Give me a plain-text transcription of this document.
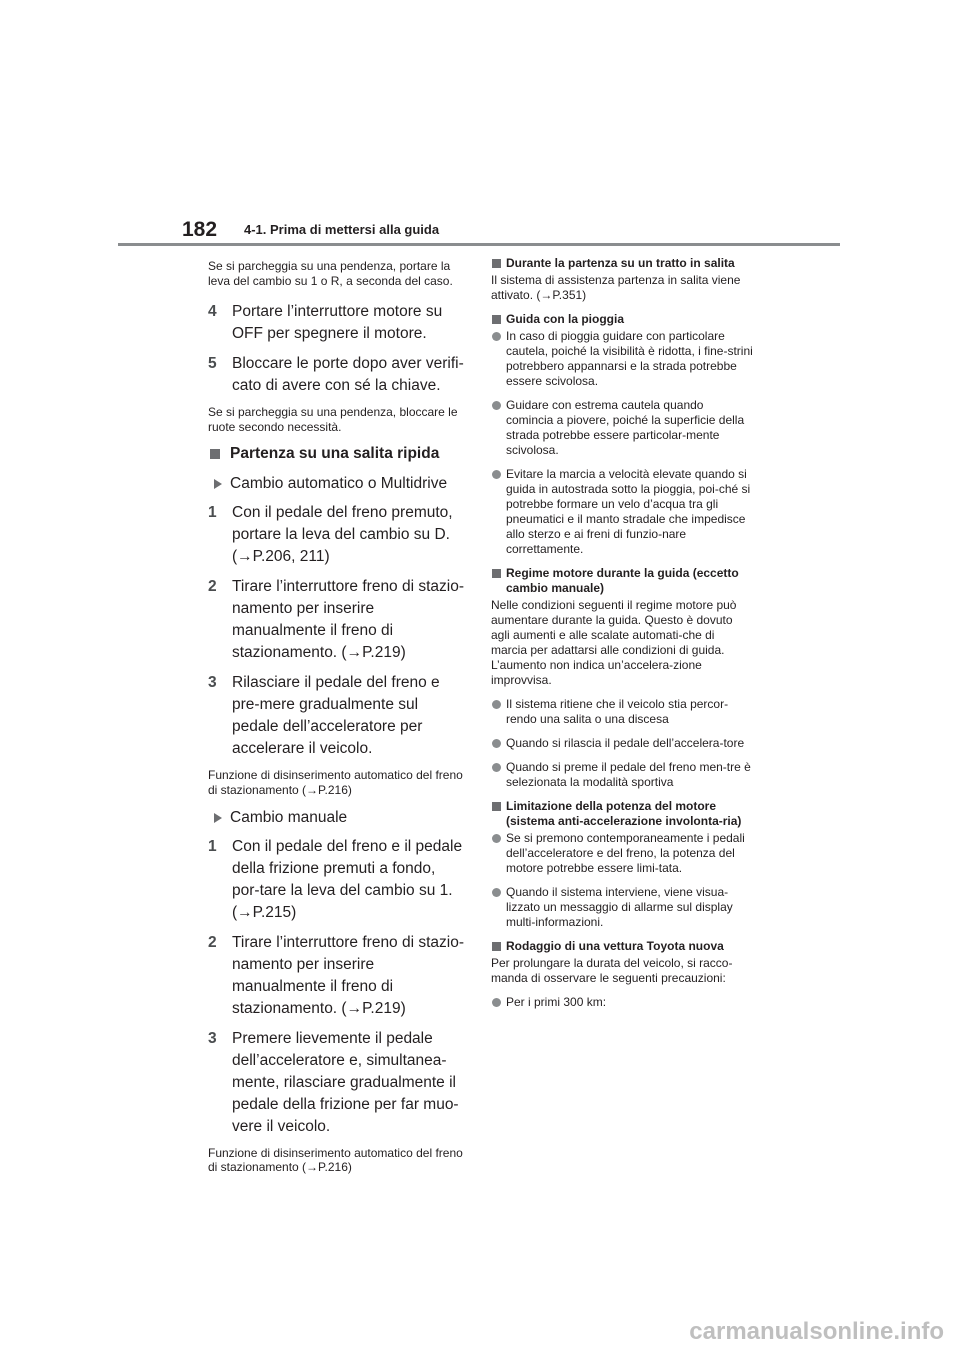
182 4-1. Prima di mettersi alla guida

Se si parcheggia su una pendenza, portare la leva del cambio su 1 o R, a seconda del caso.

4 Portare l’interruttore motore su OFF per spegnere il motore.
5 Bloccare le porte dopo aver verifi-cato di avere con sé la chiave.

Se si parcheggia su una pendenza, bloccare le ruote secondo necessità.

Partenza su una salita ripida
Cambio automatico o Multidrive
1 Con il pedale del freno premuto, portare la leva del cambio su D. (→P.206, 211)
2 Tirare l’interruttore freno di stazio-namento per inserire manualmente il freno di stazionamento. (→P.219)
3 Rilasciare il pedale del freno e pre-mere gradualmente sul pedale dell’acceleratore per accelerare il veicolo.

Funzione di disinserimento automatico del freno di stazionamento (→P.216)

Cambio manuale
1 Con il pedale del freno e il pedale della frizione premuti a fondo, por-tare la leva del cambio su 1. (→P.215)
2 Tirare l’interruttore freno di stazio-namento per inserire manualmente il freno di stazionamento. (→P.219)
3 Premere lievemente il pedale dell’acceleratore e, simultanea-mente, rilasciare gradualmente il pedale della frizione per far muo-vere il veicolo.

Funzione di disinserimento automatico del freno di stazionamento (→P.216)

Durante la partenza su un tratto in salita

Il sistema di assistenza partenza in salita viene attivato. (→P.351)

Guida con la pioggia
In caso di pioggia guidare con particolare cautela, poiché la visibilità è ridotta, i fine-strini potrebbero appannarsi e la strada potrebbe essere scivolosa.
Guidare con estrema cautela quando comincia a piovere, poiché la superficie della strada potrebbe essere particolar-mente scivolosa.
Evitare la marcia a velocità elevate quando si guida in autostrada sotto la pioggia, poi-ché si potrebbe formare un velo d’acqua tra gli pneumatici e il manto stradale che impedisce allo sterzo e ai freni di funzio-nare correttamente.
Regime motore durante la guida (eccetto cambio manuale)

Nelle condizioni seguenti il regime motore può aumentare durante la guida. Questo è dovuto agli aumenti e alle scalate automati-che di marcia per adattarsi alle condizioni di guida. L’aumento non indica un’accelera-zione improvvisa.

Il sistema ritiene che il veicolo stia percor-rendo una salita o una discesa
Quando si rilascia il pedale dell’accelera-tore
Quando si preme il pedale del freno men-tre è selezionata la modalità sportiva
Limitazione della potenza del motore (sistema anti-accelerazione involonta-ria)
Se si premono contemporaneamente i pedali dell’acceleratore e del freno, la potenza del motore potrebbe essere limi-tata.
Quando il sistema interviene, viene visua-lizzato un messaggio di allarme sul display multi-informazioni.
Rodaggio di una vettura Toyota nuova

Per prolungare la durata del veicolo, si racco-manda di osservare le seguenti precauzioni:

Per i primi 300 km:
carmanualsonline.info
